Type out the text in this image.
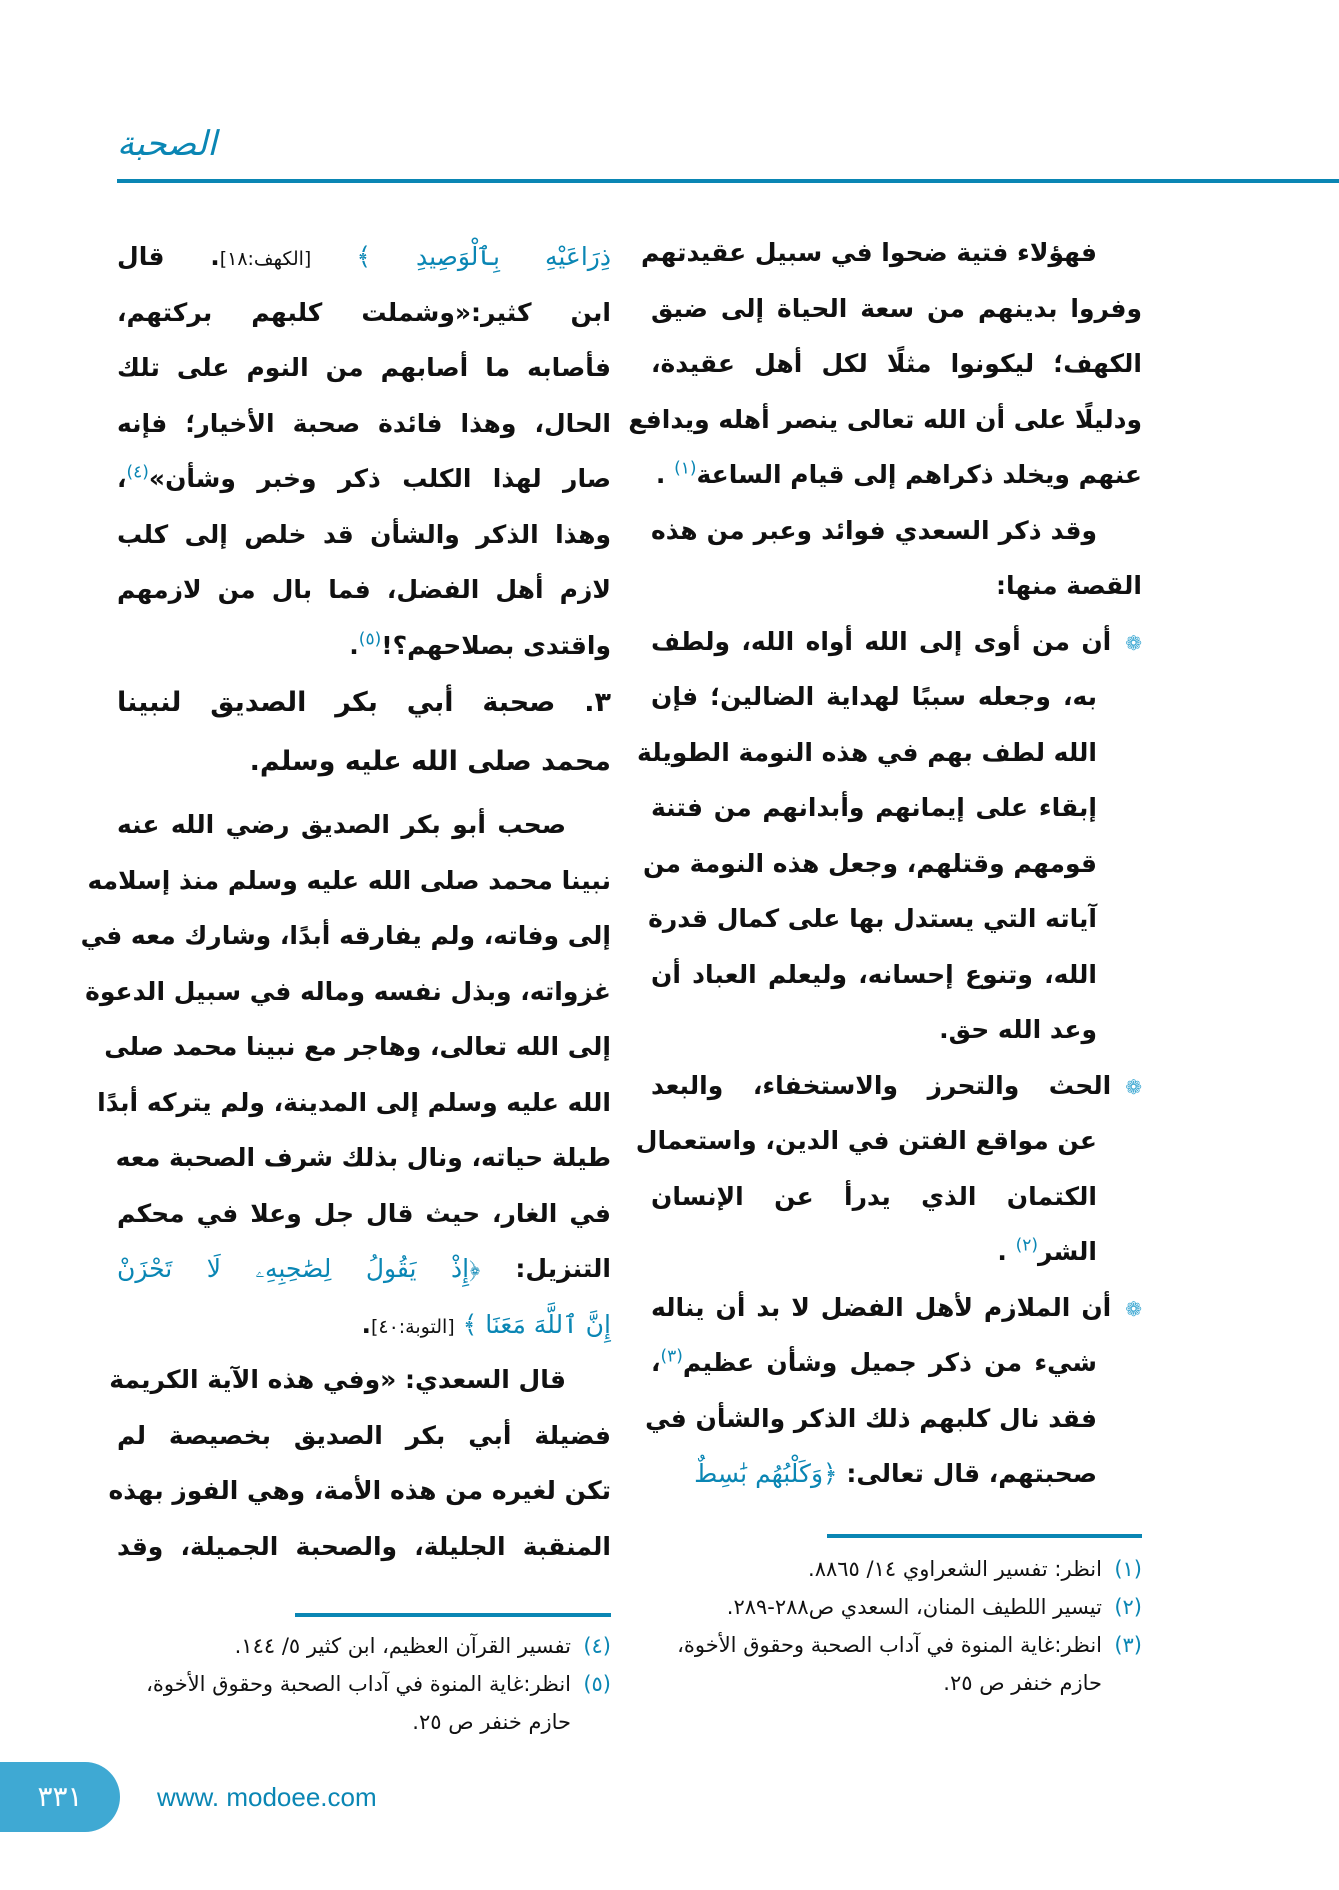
الصحبة
فهؤلاء فتية ضحوا في سبيل عقيدتهم
وفروا بدينهم من سعة الحياة إلى ضيق
الكهف؛ ليكونوا مثلًا لكل أهل عقيدة،
ودليلًا على أن الله تعالى ينصر أهله ويدافع
عنهم ويخلد ذكراهم إلى قيام الساعة$^{(١)}$ .
وقد ذكر السعدي فوائد وعبر من هذه
القصة منها:
❁أن من أوى إلى الله أواه الله، ولطف
به، وجعله سببًا لهداية الضالين؛ فإن
الله لطف بهم في هذه النومة الطويلة
إبقاء على إيمانهم وأبدانهم من فتنة
قومهم وقتلهم، وجعل هذه النومة من
آياته التي يستدل بها على كمال قدرة
الله، وتنوع إحسانه، وليعلم العباد أن
وعد الله حق.
❁الحث والتحرز والاستخفاء، والبعد
عن مواقع الفتن في الدين، واستعمال
الكتمان الذي يدرأ عن الإنسان
الشر$^{(٢)}$ .
❁أن الملازم لأهل الفضل لا بد أن يناله
شيء من ذكر جميل وشأن عظيم$^{(٣)}$،
فقد نال كلبهم ذلك الذكر والشأن في
صحبتهم، قال تعالى: ﴿وَكَلْبُهُم بَٰسِطٌ
ذِرَاعَيْهِ بِٱلْوَصِيدِ ﴾ [الكهف:١٨]. قال
ابن كثير:«وشملت كلبهم بركتهم،
فأصابه ما أصابهم من النوم على تلك
الحال، وهذا فائدة صحبة الأخيار؛ فإنه
صار لهذا الكلب ذكر وخبر وشأن»$^{(٤)}$،
وهذا الذكر والشأن قد خلص إلى كلب
لازم أهل الفضل، فما بال من لازمهم
واقتدى بصلاحهم؟!$^{(٥)}$.
٣. صحبة أبي بكر الصديق لنبينا
محمد صلى الله عليه وسلم.
صحب أبو بكر الصديق رضي الله عنه
نبينا محمد صلى الله عليه وسلم منذ إسلامه
إلى وفاته، ولم يفارقه أبدًا، وشارك معه في
غزواته، وبذل نفسه وماله في سبيل الدعوة
إلى الله تعالى، وهاجر مع نبينا محمد صلى
الله عليه وسلم إلى المدينة، ولم يتركه أبدًا
طيلة حياته، ونال بذلك شرف الصحبة معه
في الغار، حيث قال جل وعلا في محكم
التنزيل: ﴿إِذْ يَقُولُ لِصَٰحِبِهِۦ لَا تَحْزَنْ
إِنَّ ٱللَّهَ مَعَنَا ﴾ [التوبة:٤٠].
قال السعدي: «وفي هذه الآية الكريمة
فضيلة أبي بكر الصديق بخصيصة لم
تكن لغيره من هذه الأمة، وهي الفوز بهذه
المنقبة الجليلة، والصحبة الجميلة، وقد
(١)
انظر: تفسير الشعراوي ١٤/ ٨٨٦٥.
(٢)
تيسير اللطيف المنان، السعدي ص٢٨٨-٢٨٩.
(٣)
انظر:غاية المنوة في آداب الصحبة وحقوق الأخوة، حازم خنفر ص ٢٥.
(٤)
تفسير القرآن العظيم، ابن كثير ٥/ ١٤٤.
(٥)
انظر:غاية المنوة في آداب الصحبة وحقوق الأخوة، حازم خنفر ص ٢٥.
٣٣١	www. modoee.com
